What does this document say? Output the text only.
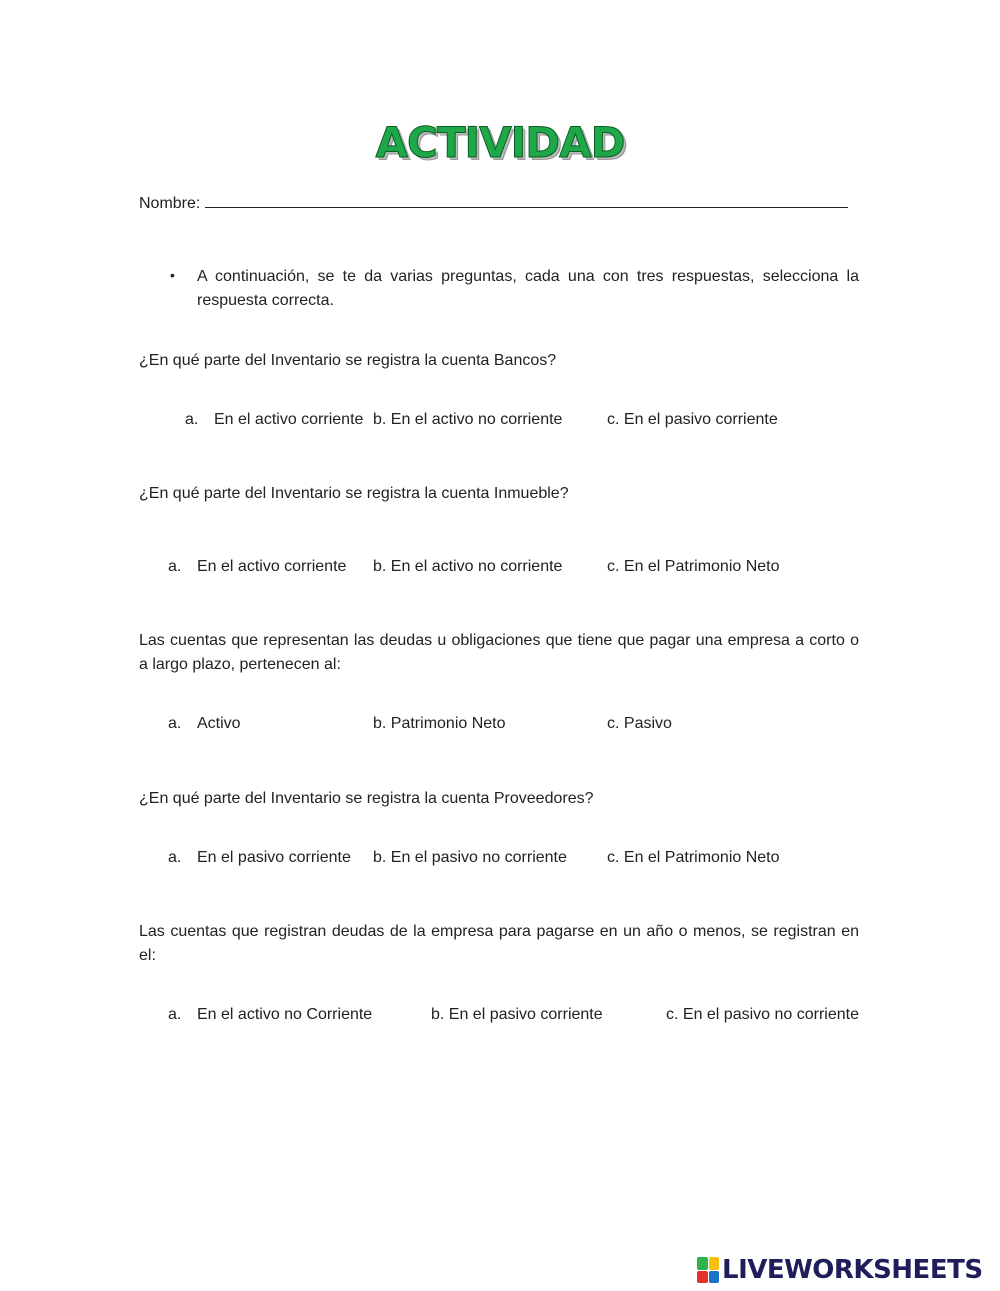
ACTIVIDAD
Nombre:
• A continuación, se te da varias preguntas, cada una con tres respuestas, selecciona la respuesta correcta.
¿En qué parte del Inventario se registra la cuenta Bancos?
a. En el activo corriente b. En el activo no corriente	c. En el pasivo corriente
¿En qué parte del Inventario se registra la cuenta Inmueble?
a. En el activo corriente b. En el activo no corriente	c. En el Patrimonio Neto
Las cuentas que representan las deudas u obligaciones que tiene que pagar una empresa a corto o a largo plazo, pertenecen al:
a. Activo	b. Patrimonio Neto	c. Pasivo
¿En qué parte del Inventario se registra la cuenta Proveedores?
a. En el pasivo corriente b. En el pasivo no corriente	c. En el Patrimonio Neto
Las cuentas que registran deudas de la empresa para pagarse en un año o menos, se registran en el:
a. En el activo no Corriente	b. En el pasivo corriente	c. En el pasivo no corriente
LIVEWORKSHEETS
